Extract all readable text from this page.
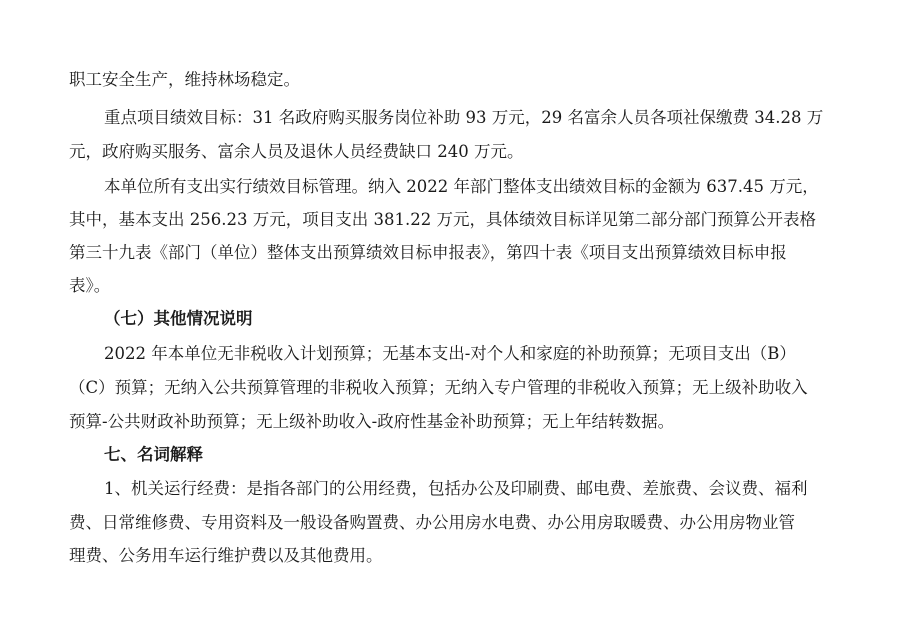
职工安全生产，维持林场稳定。
重点项目绩效目标：31 名政府购买服务岗位补助 93 万元，29 名富余人员各项社保缴费 34.28 万
元，政府购买服务、富余人员及退休人员经费缺口 240 万元。
本单位所有支出实行绩效目标管理。纳入 2022 年部门整体支出绩效目标的金额为 637.45 万元，
其中，基本支出 256.23 万元，项目支出 381.22 万元，具体绩效目标详见第二部分部门预算公开表格
第三十九表《部门（单位）整体支出预算绩效目标申报表》，第四十表《项目支出预算绩效目标申报
表》。
（七）其他情况说明
2022 年本单位无非税收入计划预算；无基本支出-对个人和家庭的补助预算；无项目支出（B）
（C）预算；无纳入公共预算管理的非税收入预算；无纳入专户管理的非税收入预算；无上级补助收入
预算-公共财政补助预算；无上级补助收入-政府性基金补助预算；无上年结转数据。
七、名词解释
1、机关运行经费：是指各部门的公用经费，包括办公及印刷费、邮电费、差旅费、会议费、福利
费、日常维修费、专用资料及一般设备购置费、办公用房水电费、办公用房取暖费、办公用房物业管
理费、公务用车运行维护费以及其他费用。
